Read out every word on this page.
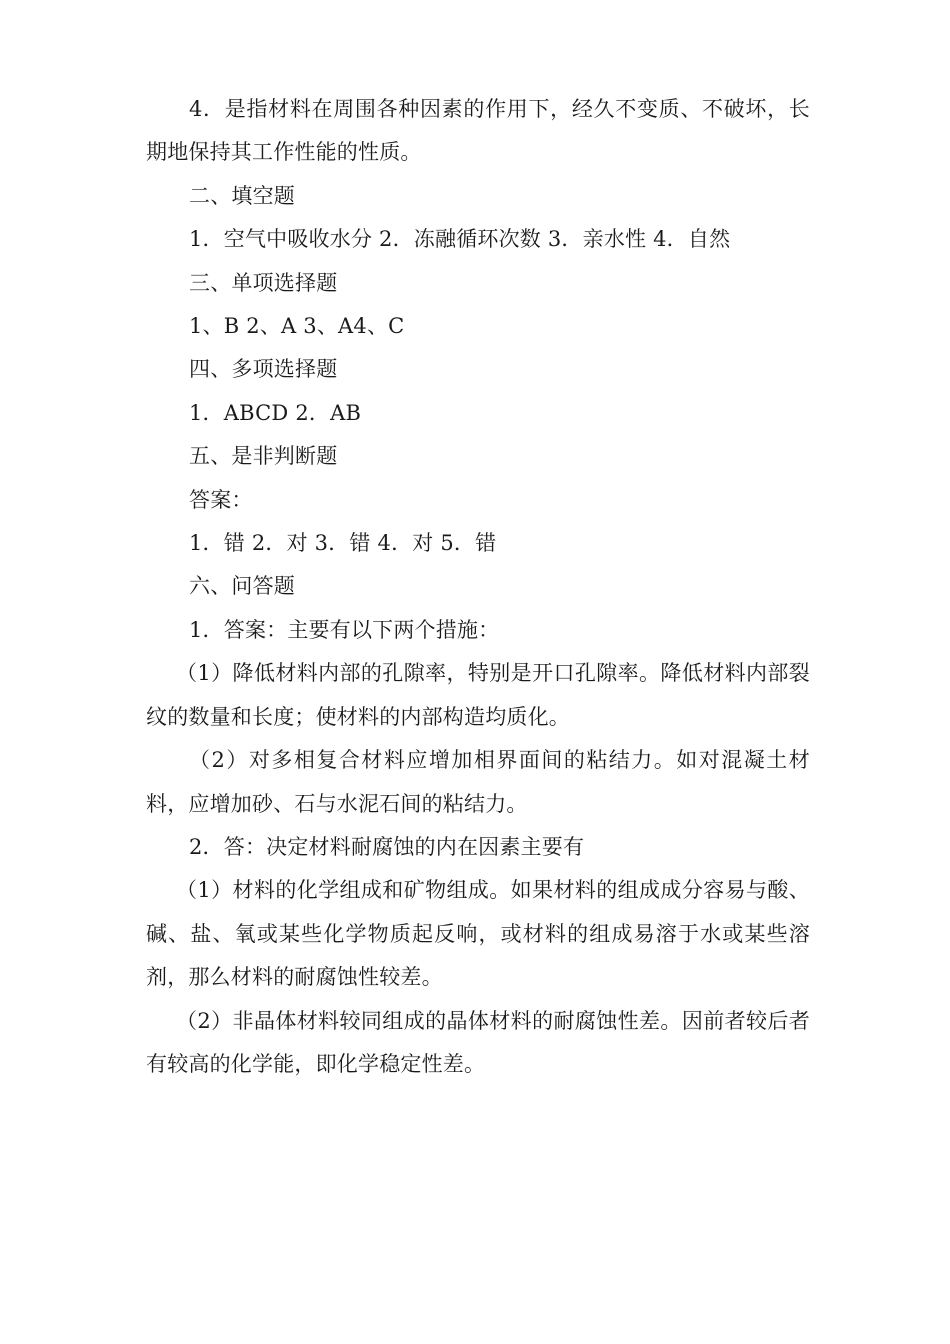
4．是指材料在周围各种因素的作用下，经久不变质、不破坏，长期地保持其工作性能的性质。

二、填空题

1．空气中吸收水分 2．冻融循环次数 3．亲水性 4．自然

三、单项选择题

1、B 2、A 3、A4、C

四、多项选择题

1．ABCD 2．AB

五、是非判断题

答案：

1．错 2．对 3．错 4．对 5．错

六、问答题

1．答案：主要有以下两个措施：

（1）降低材料内部的孔隙率，特别是开口孔隙率。降低材料内部裂纹的数量和长度；使材料的内部构造均质化。

（2）对多相复合材料应增加相界面间的粘结力。如对混凝土材料，应增加砂、石与水泥石间的粘结力。

2．答：决定材料耐腐蚀的内在因素主要有

（1）材料的化学组成和矿物组成。如果材料的组成成分容易与酸、碱、盐、氧或某些化学物质起反响，或材料的组成易溶于水或某些溶剂，那么材料的耐腐蚀性较差。

（2）非晶体材料较同组成的晶体材料的耐腐蚀性差。因前者较后者有较高的化学能，即化学稳定性差。
